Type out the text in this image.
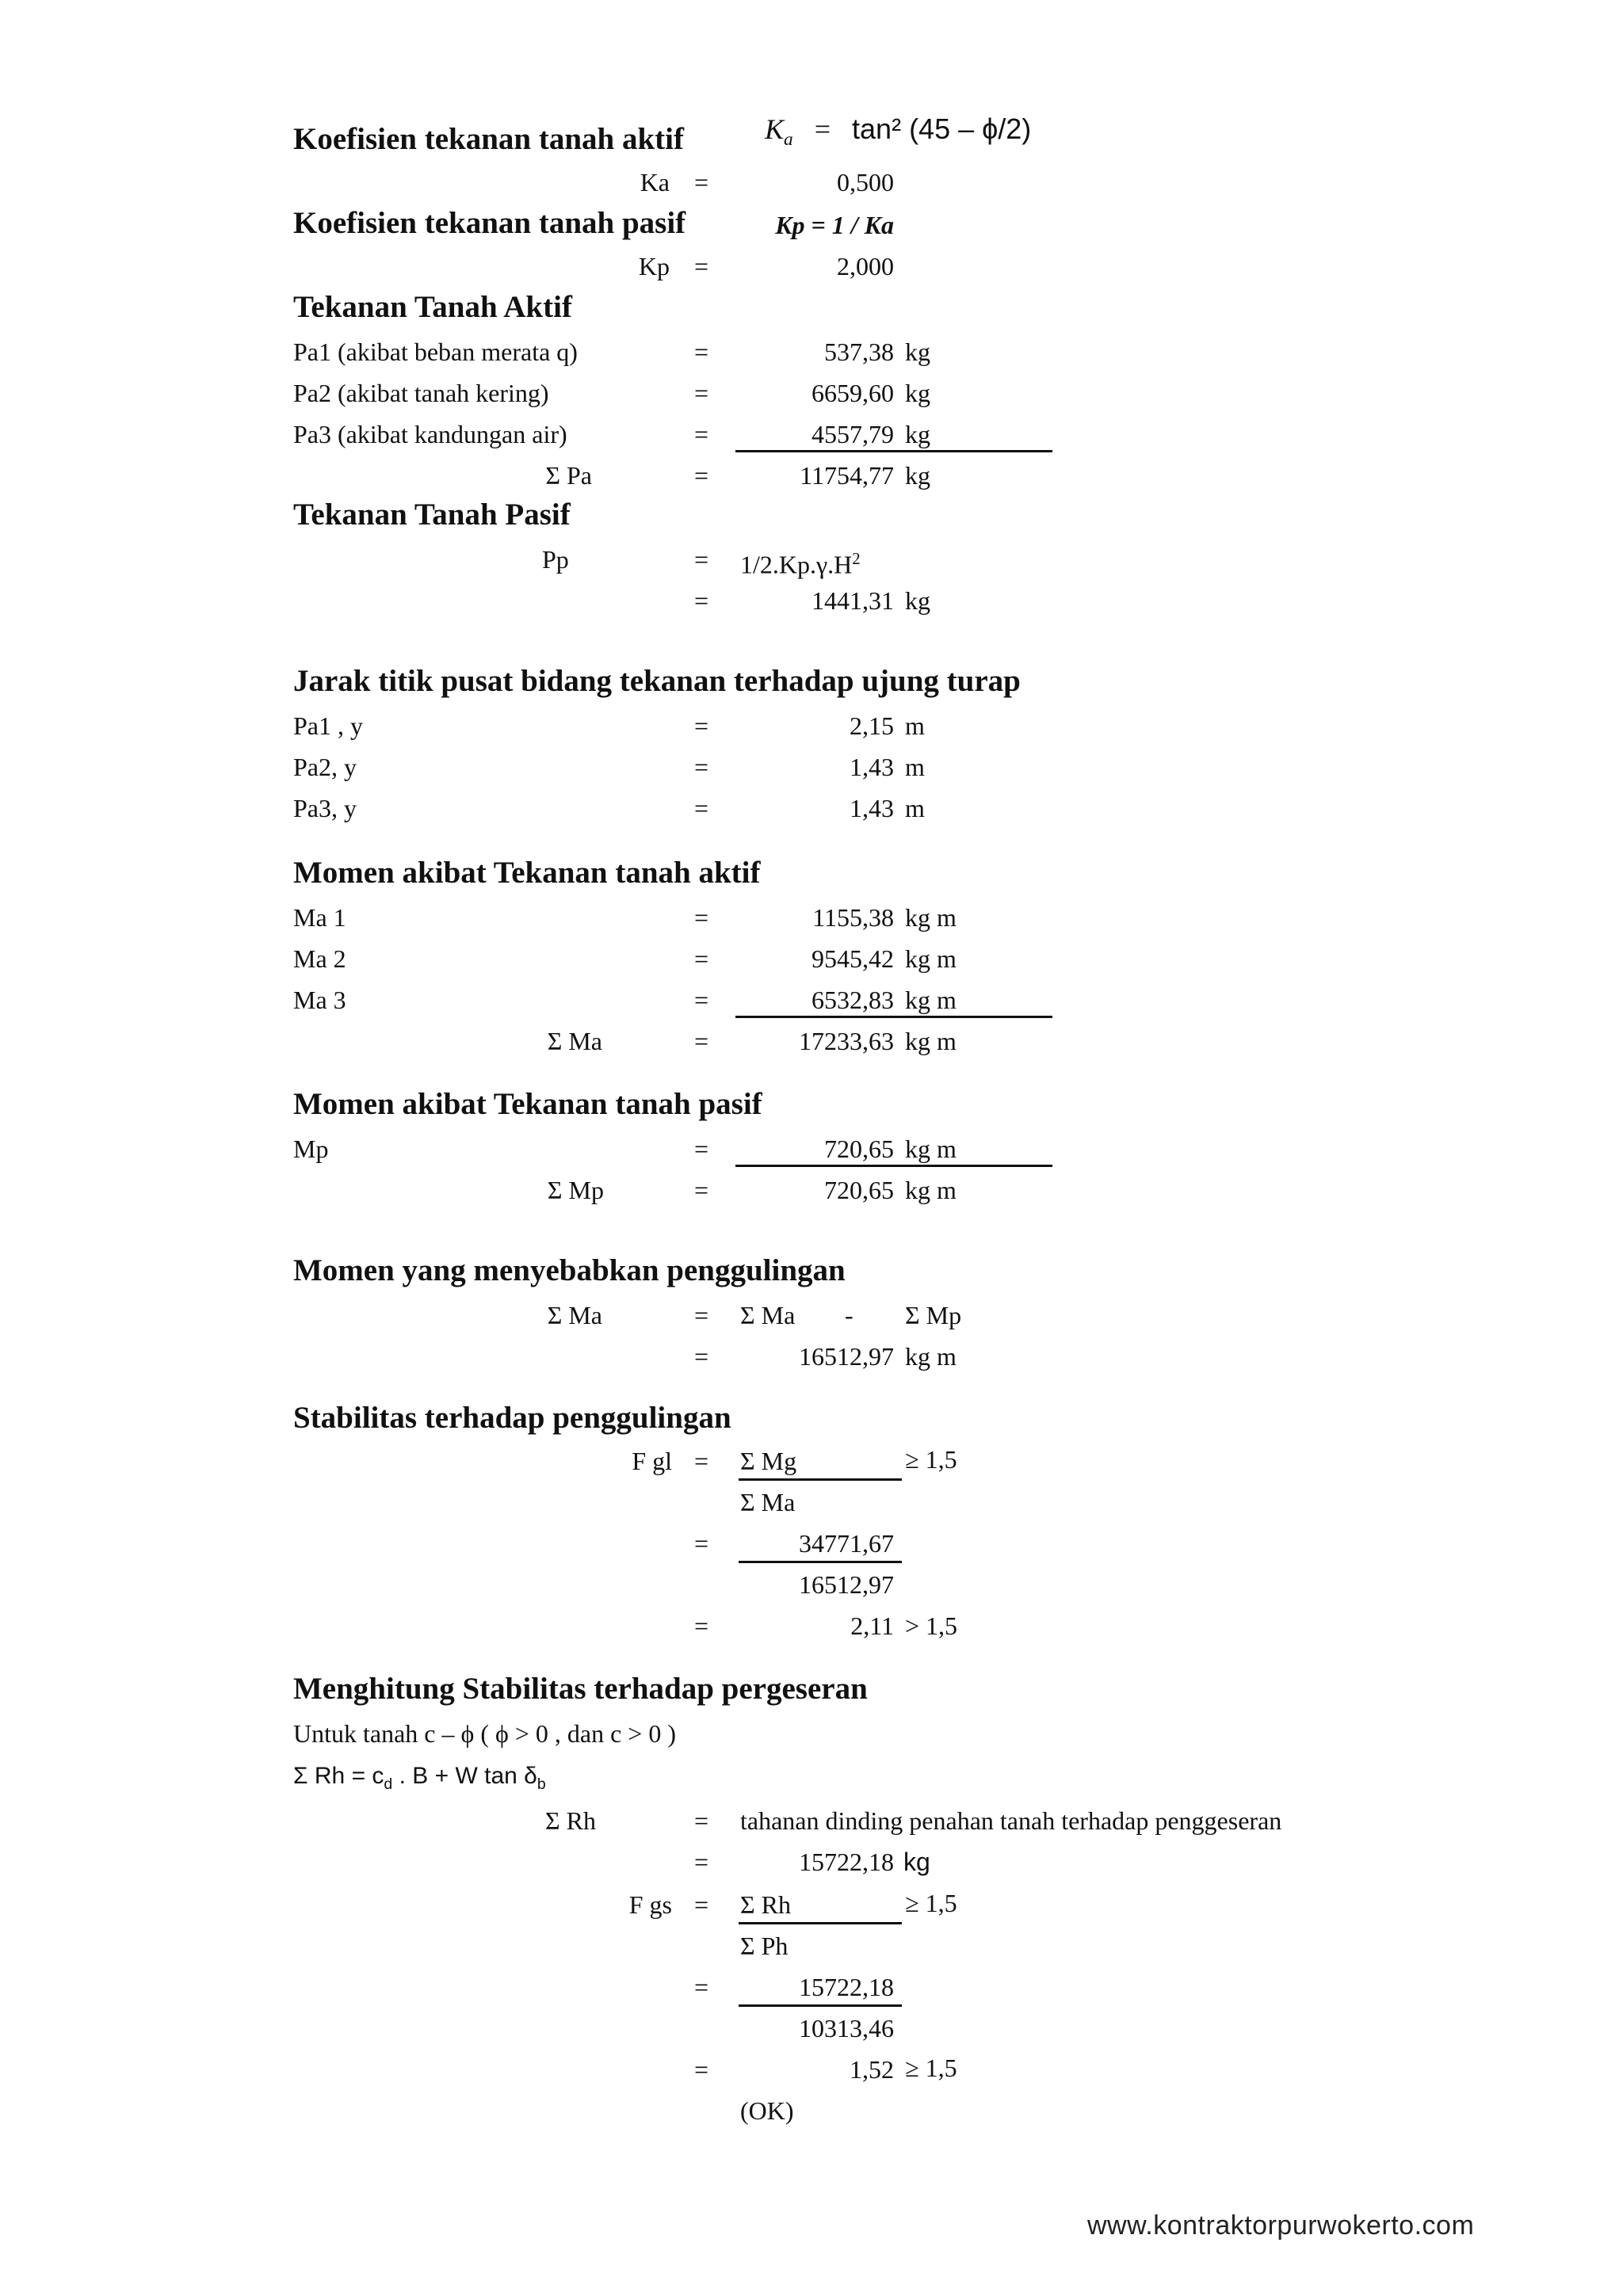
Koefisien tekanan tanah aktif	$K_a = \tan^2$ (45 – ϕ/2)
Ka =	0,500
Koefisien tekanan tanah pasif	Kp = 1 / Ka
Kp =	2,000
Tekanan Tanah Aktif
Pa1 (akibat beban merata q)	=	537,38 kg
Pa2 (akibat tanah kering)	=	6659,60 kg
Pa3 (akibat kandungan air)	=	4557,79 kg
Σ Pa	=	11754,77 kg
Tekanan Tanah Pasif
Pp	= $1/2.Kp.\gamma.H^2$
=	1441,31 kg
Jarak titik pusat bidang tekanan terhadap ujung turap
Pa1 , y	=	2,15 m
Pa2, y	=	1,43 m
Pa3, y	=	1,43 m
Momen akibat Tekanan tanah aktif
Ma 1	=	1155,38 kg m
Ma 2	=	9545,42 kg m
Ma 3	=	6532,83 kg m
Σ Ma	=	17233,63 kg m
Momen akibat Tekanan tanah pasif
Mp	=	720,65 kg m
Σ Mp	=	720,65 kg m
Momen yang menyebabkan penggulingan
Σ Ma	= Σ Ma - Σ Mp
=	16512,97 kg m
Stabilitas terhadap penggulingan
F gl = Σ Mg	≥ 1,5
Σ Ma
=	34771,67
16512,97
=	2,11 > 1,5
Menghitung Stabilitas terhadap pergeseran
Untuk tanah c – ϕ ( ϕ > 0 , dan c > 0 )
Σ $Rh = c_d$ . B + W $\tan \delta_b$
Σ Rh	= tahanan dinding penahan tanah terhadap penggeseran
=	15722,18 kg
F gs = Σ Rh	≥ 1,5
Σ Ph
=	15722,18
10313,46
=	1,52 ≥ 1,5
(OK)
www.kontraktorpurwokerto.com
